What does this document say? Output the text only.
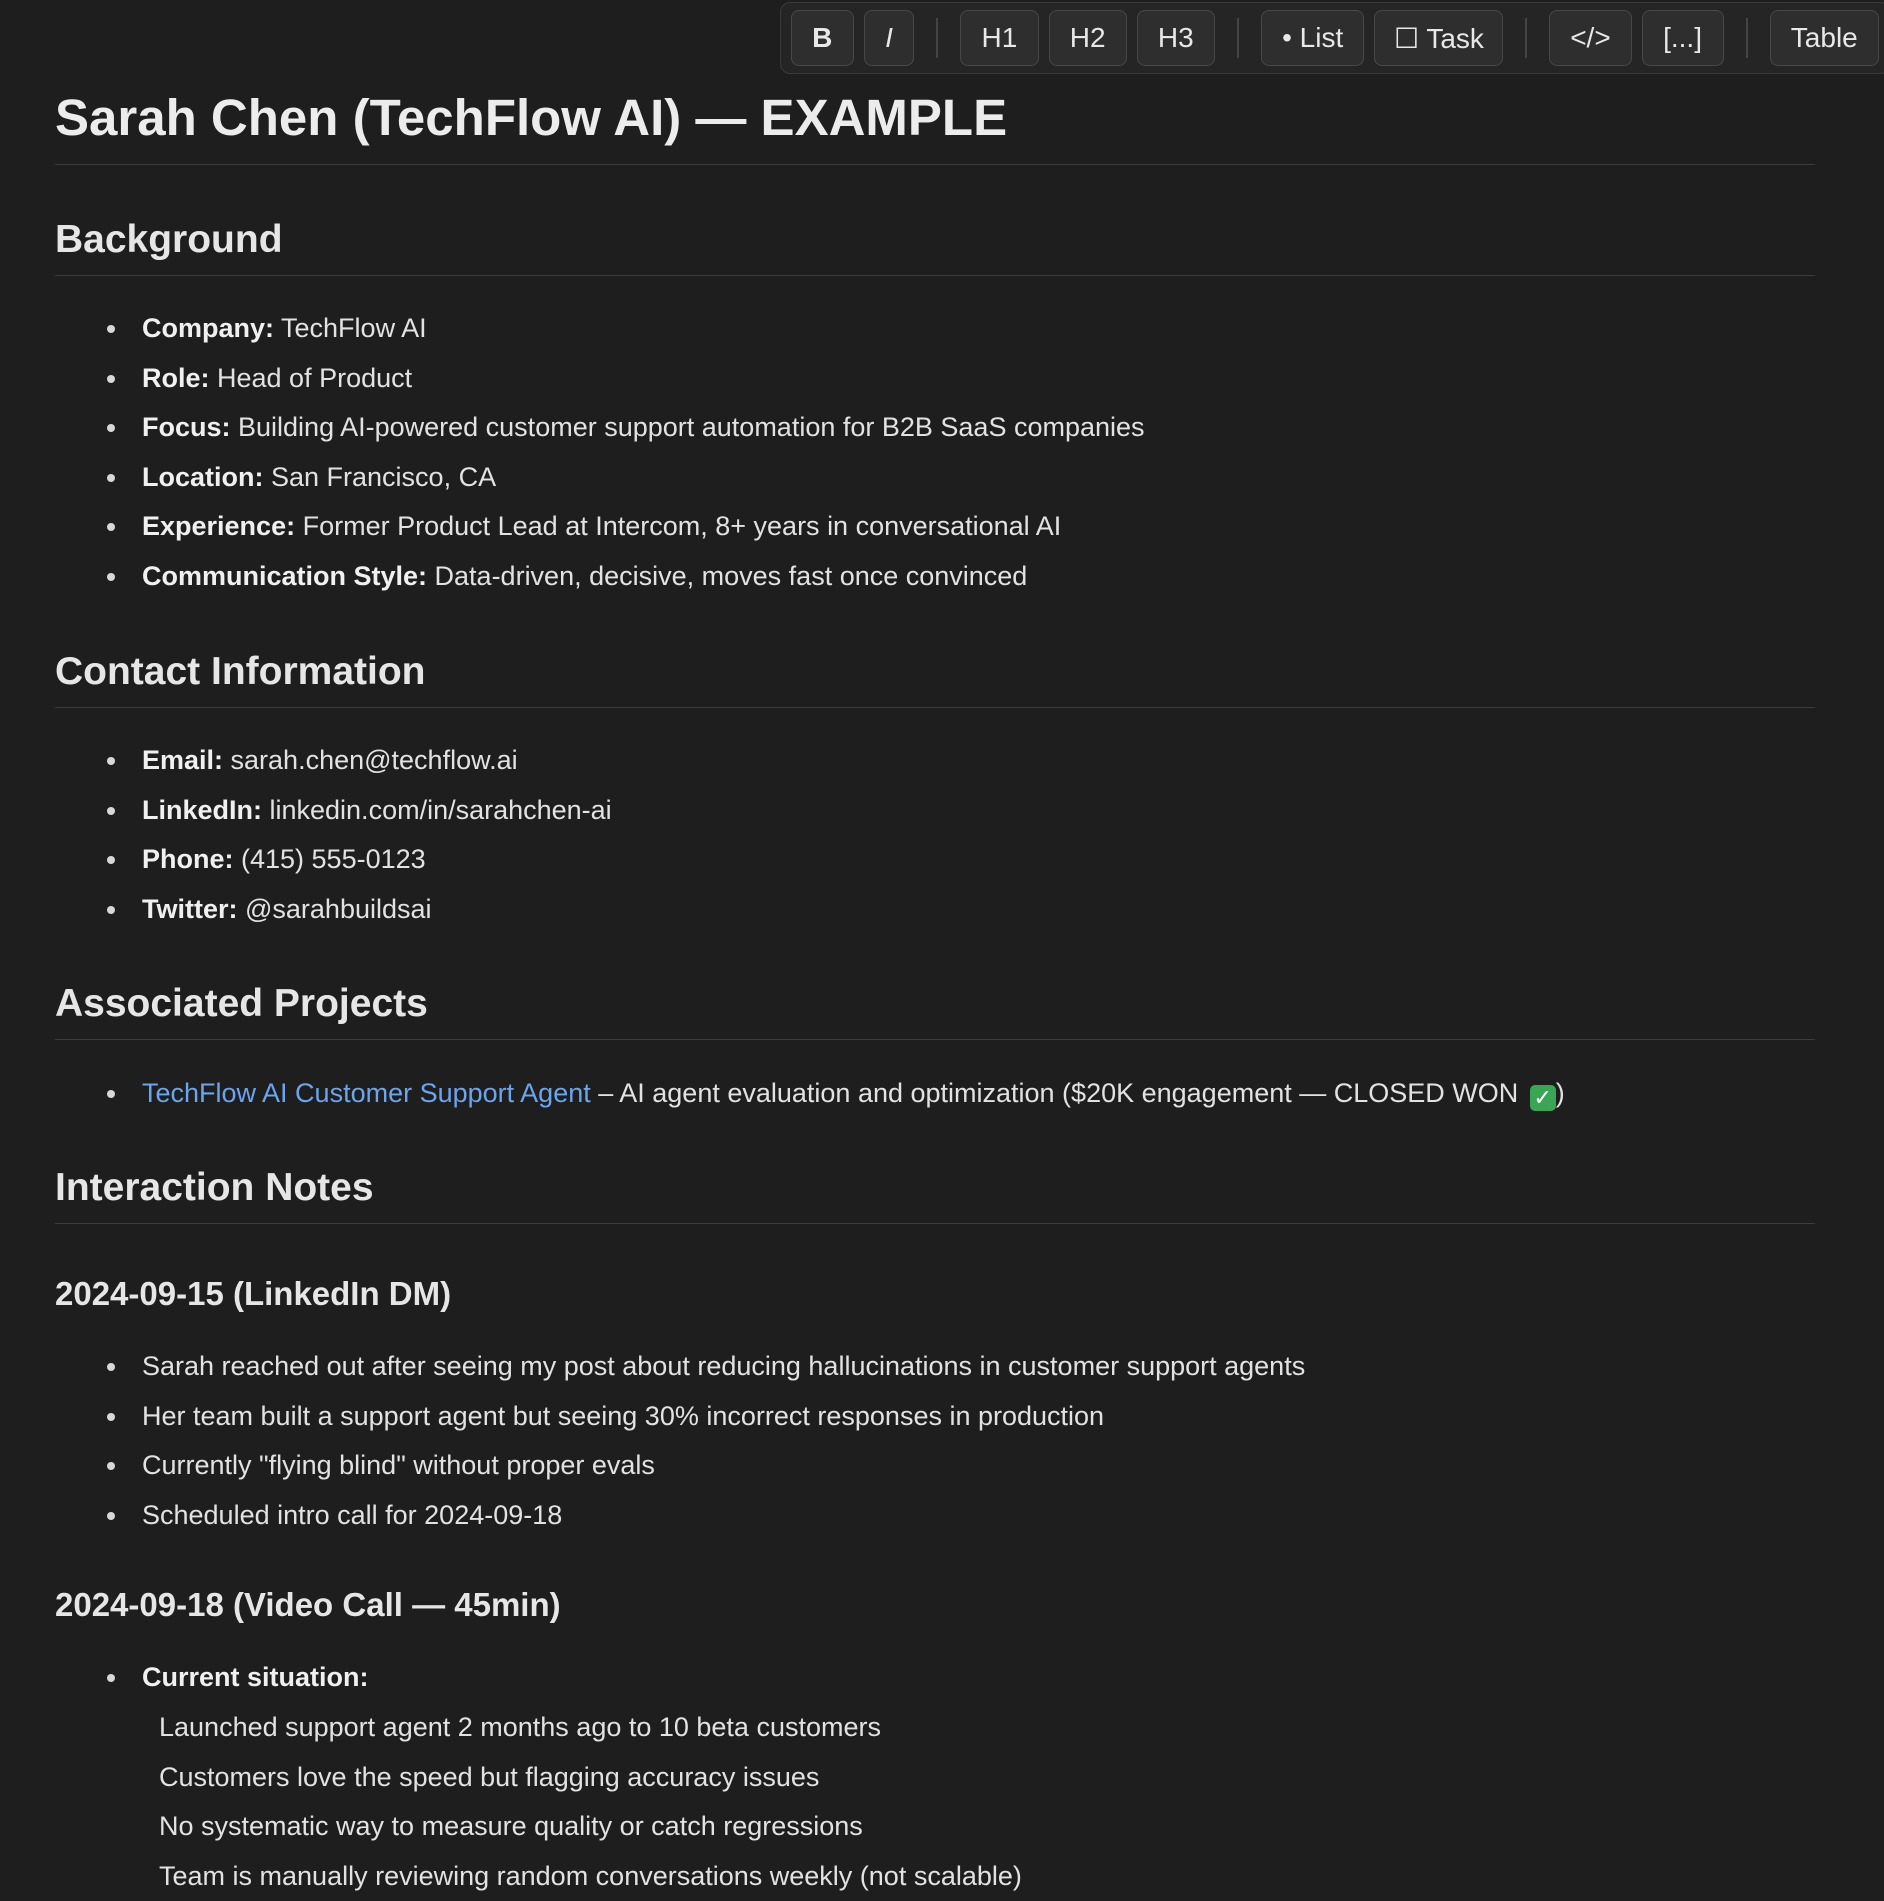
B	I	H1	H2	H3	• List	☐ Task	</>	[...]	Table
Sarah Chen (TechFlow AI) — EXAMPLE
Background
Company: TechFlow AI
Role: Head of Product
Focus: Building AI-powered customer support automation for B2B SaaS companies
Location: San Francisco, CA
Experience: Former Product Lead at Intercom, 8+ years in conversational AI
Communication Style: Data-driven, decisive, moves fast once convinced
Contact Information
Email: sarah.chen@techflow.ai
LinkedIn: linkedin.com/in/sarahchen-ai
Phone: (415) 555-0123
Twitter: @sarahbuildsai
Associated Projects
TechFlow AI Customer Support Agent – AI agent evaluation and optimization ($20K engagement — CLOSED WON ✓ )
Interaction Notes
2024-09-15 (LinkedIn DM)
Sarah reached out after seeing my post about reducing hallucinations in customer support agents
Her team built a support agent but seeing 30% incorrect responses in production
Currently "flying blind" without proper evals
Scheduled intro call for 2024-09-18
2024-09-18 (Video Call — 45min)
Current situation:
Launched support agent 2 months ago to 10 beta customers
Customers love the speed but flagging accuracy issues
No systematic way to measure quality or catch regressions
Team is manually reviewing random conversations weekly (not scalable)
